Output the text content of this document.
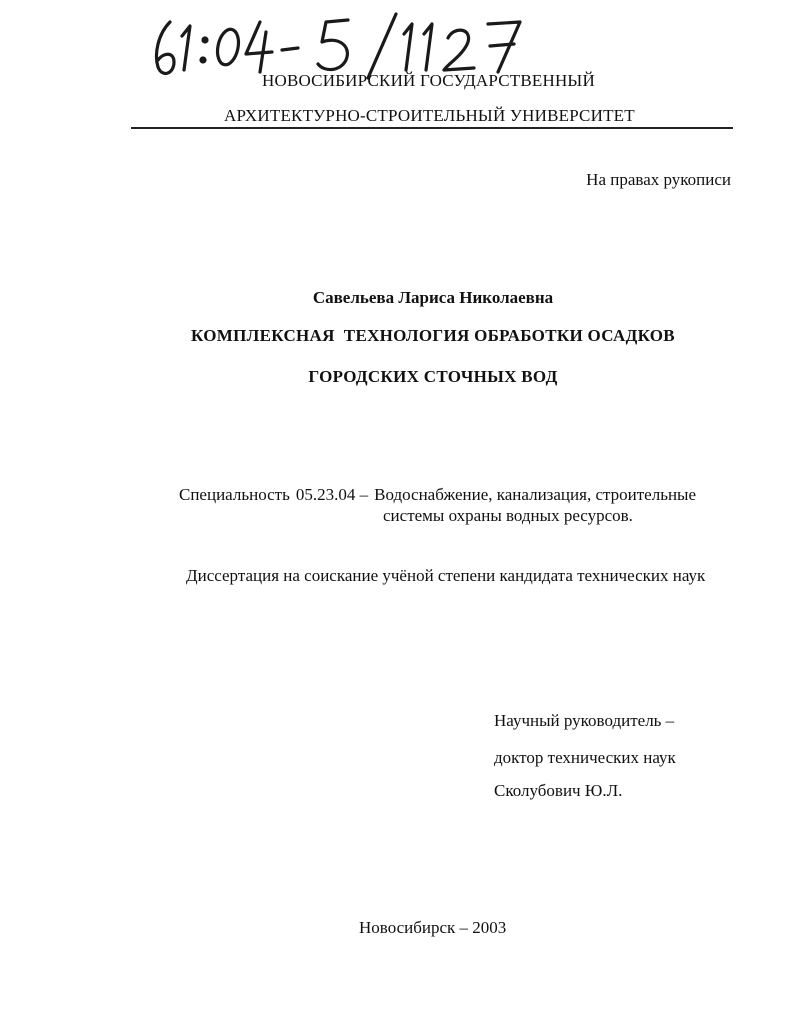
НОВОСИБИРСКИЙ ГОСУДАРСТВЕННЫЙ
АРХИТЕКТУРНО-СТРОИТЕЛЬНЫЙ УНИВЕРСИТЕТ
На правах рукописи
Савельева Лариса Николаевна
КОМПЛЕКСНАЯ  ТЕХНОЛОГИЯ ОБРАБОТКИ ОСАДКОВ
ГОРОДСКИХ СТОЧНЫХ ВОД
Специальность 05.23.04 – Водоснабжение, канализация, строительные
системы охраны водных ресурсов.
Диссертация на соискание учёной степени кандидата технических наук
Научный руководитель –
доктор технических наук
Сколубович Ю.Л.
Новосибирск – 2003
